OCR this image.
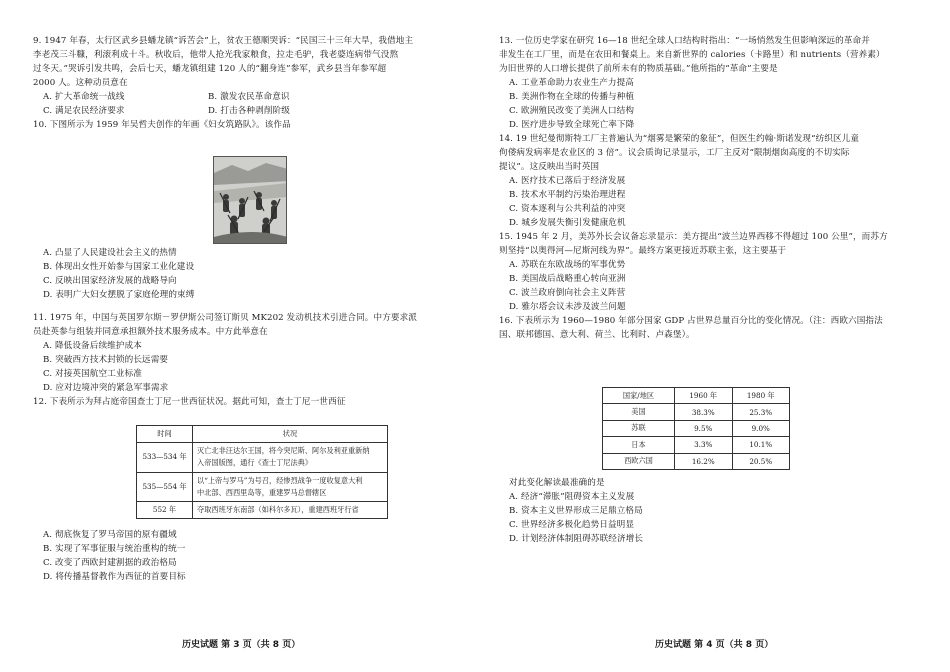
9. 1947 年春，太行区武乡县蟠龙镇“诉苦会”上，贫农王德顺哭诉：“民国三十三年大旱，我借地主
李老茂三斗糠，利滚利成十斗。秋收后，他带人抢光我家粮食，拉走毛驴，我老婆连病带气没熬
过冬天。”哭诉引发共鸣，会后七天，蟠龙镇组建 120 人的“翻身连”参军，武乡县当年参军超
2000 人。这种动员意在
A. 扩大革命统一战线	B. 激发农民革命意识
C. 满足农民经济要求	D. 打击各种剥削阶级
10. 下图所示为 1959 年吴哲夫创作的年画《妇女筑路队》。该作品
A. 凸显了人民建设社会主义的热情
B. 体现出女性开始参与国家工业化建设
C. 反映出国家经济发展的战略导向
D. 表明广大妇女摆脱了家庭伦理的束缚
11. 1975 年，中国与英国罗尔斯－罗伊斯公司签订斯贝 MK202 发动机技术引进合同。中方要求派
员赴英参与组装并同意承担额外技术服务成本。中方此举意在
A. 降低设备后续维护成本
B. 突破西方技术封锁的长远需要
C. 对接英国航空工业标准
D. 应对边境冲突的紧急军事需求
12. 下表所示为拜占庭帝国查士丁尼一世西征状况。据此可知，查士丁尼一世西征
时间	状况
533—534 年	灭亡北非汪达尔王国，将今突尼斯、阿尔及利亚重新纳
入帝国版图，通行《查士丁尼法典》

535—554 年	以“上帝与罗马”为号召，经惨烈战争一度收复意大利
中北部、西西里岛等，重建罗马总督辖区

552 年	夺取西班牙东南部（如科尔多瓦），重建西班牙行省
A. 彻底恢复了罗马帝国的原有疆域
B. 实现了军事征服与统治重构的统一
C. 改变了西欧封建割据的政治格局
D. 将传播基督教作为西征的首要目标
历史试题 第 3 页（共 8 页）
13. 一位历史学家在研究 16—18 世纪全球人口结构时指出：“一场悄然发生但影响深远的革命并
非发生在工厂里，而是在农田和餐桌上。来自新世界的 calories（卡路里）和 nutrients（营养素）
为旧世界的人口增长提供了前所未有的物质基础。”他所指的“革命”主要是
A. 工业革命助力农业生产力提高
B. 美洲作物在全球的传播与种植
C. 欧洲殖民改变了美洲人口结构
D. 医疗进步导致全球死亡率下降
14. 19 世纪曼彻斯特工厂主普遍认为“烟雾是繁荣的象征”，但医生约翰·斯诺发现“纺织区儿童
佝偻病发病率是农业区的 3 倍”。议会质询记录显示，工厂主反对“限制烟囱高度的不切实际
提议”。这反映出当时英国
A. 医疗技术已落后于经济发展
B. 技术水平制约污染治理进程
C. 资本逐利与公共利益的冲突
D. 城乡发展失衡引发健康危机
15. 1945 年 2 月，美苏外长会议备忘录显示：美方提出“波兰边界西移不得超过 100 公里”，而苏方
则坚持“以奥得河—尼斯河线为界”。最终方案更接近苏联主张，这主要基于
A. 苏联在东欧战场的军事优势
B. 美国战后战略重心转向亚洲
C. 波兰政府倒向社会主义阵营
D. 雅尔塔会议未涉及波兰问题
16. 下表所示为 1960—1980 年部分国家 GDP 占世界总量百分比的变化情况。（注：西欧六国指法
国、联邦德国、意大利、荷兰、比利时、卢森堡）。
国家/地区	1960 年	1980 年
美国	38.3%	25.3%
苏联	9.5%	9.0%
日本	3.3%	10.1%
西欧六国	16.2%	20.5%
对此变化解读最准确的是
A. 经济“滞胀”阻碍资本主义发展
B. 资本主义世界形成三足鼎立格局
C. 世界经济多极化趋势日益明显
D. 计划经济体制阻碍苏联经济增长
历史试题 第 4 页（共 8 页）
